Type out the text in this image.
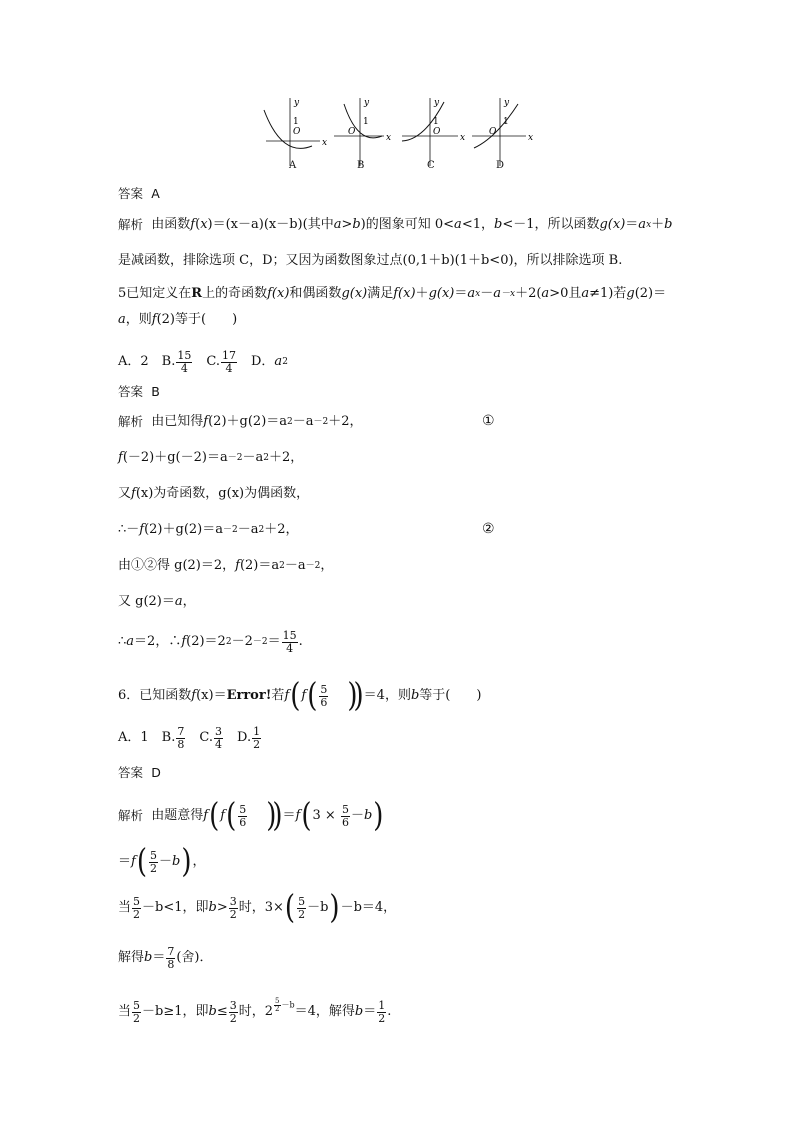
y
x
O
1
y
x
O
1
y
x
O
1
y
x
O
1
A	B	C	D
答案
A
解析
由函数 f ( x )＝(x－a)(x－b)(其中 a>b )的图象可知 0< a <1， b <－1，所以函数 g(x) ＝ a x ＋ b
是减函数，排除选项 C，D；又因为函数图象过点(0,1＋b)(1＋b<0)，所以排除选项 B.
5 已知定义在 R 上的奇函数 f(x) 和偶函数 g(x) 满足 f(x) ＋ g(x) ＝ a x － a －x ＋2( a >0且 a ≠1)若 g (2)＝
a ，则 f (2)等于(　　)
A．2　B. $\frac{15}{4}$ 　C. $\frac{17}{4}$ 　D． a 2
答案
B
解析
由已知得 f (2)＋g(2)＝a 2 －a －2 ＋2，	①
f (－2)＋g(－2)＝a －2 －a 2 ＋2，
又 f (x)为奇函数，g(x)为偶函数，
∴－ f (2)＋g(2)＝a －2 －a 2 ＋2，	②
由①②得 g(2)＝2， f (2)＝a 2 －a －2 ，
又 g(2)＝ a ，
∴ a ＝2，∴ f (2)＝2 $2 -2 -2 = \frac{15}{4}$ .
6．已知函数 f (x)＝ Error! 若 f ( f ( $\frac{5}{6}$ )) ＝4，则 b 等于(　　)
A．1　B. $\frac{7}{8}$ 　C. $\frac{3}{4}$ 　D. $\frac{1}{2}$
答案
D
解析
由题意得 f ( f ( $\frac{5}{6}$ )) ＝ f ( 3 ×
$\frac{5}{6} - b$ )
＝ f ( $\frac{5}{2} - b$ ) ，
当 $\frac{5}{2} -b<1$，即 $b > \frac{3}{2}$ 时，3× ( $\frac{5}{2} -b$ ) －b＝4，
解得 $b = \frac{7}{8}$ (舍)．
当 $\frac{5}{2} -b\ge 1$，即 $b \le \frac{3}{2}$ 时，2 $^{\frac{5}{2} -b}$ ＝4，解得 $b = \frac{1}{2}$ .
